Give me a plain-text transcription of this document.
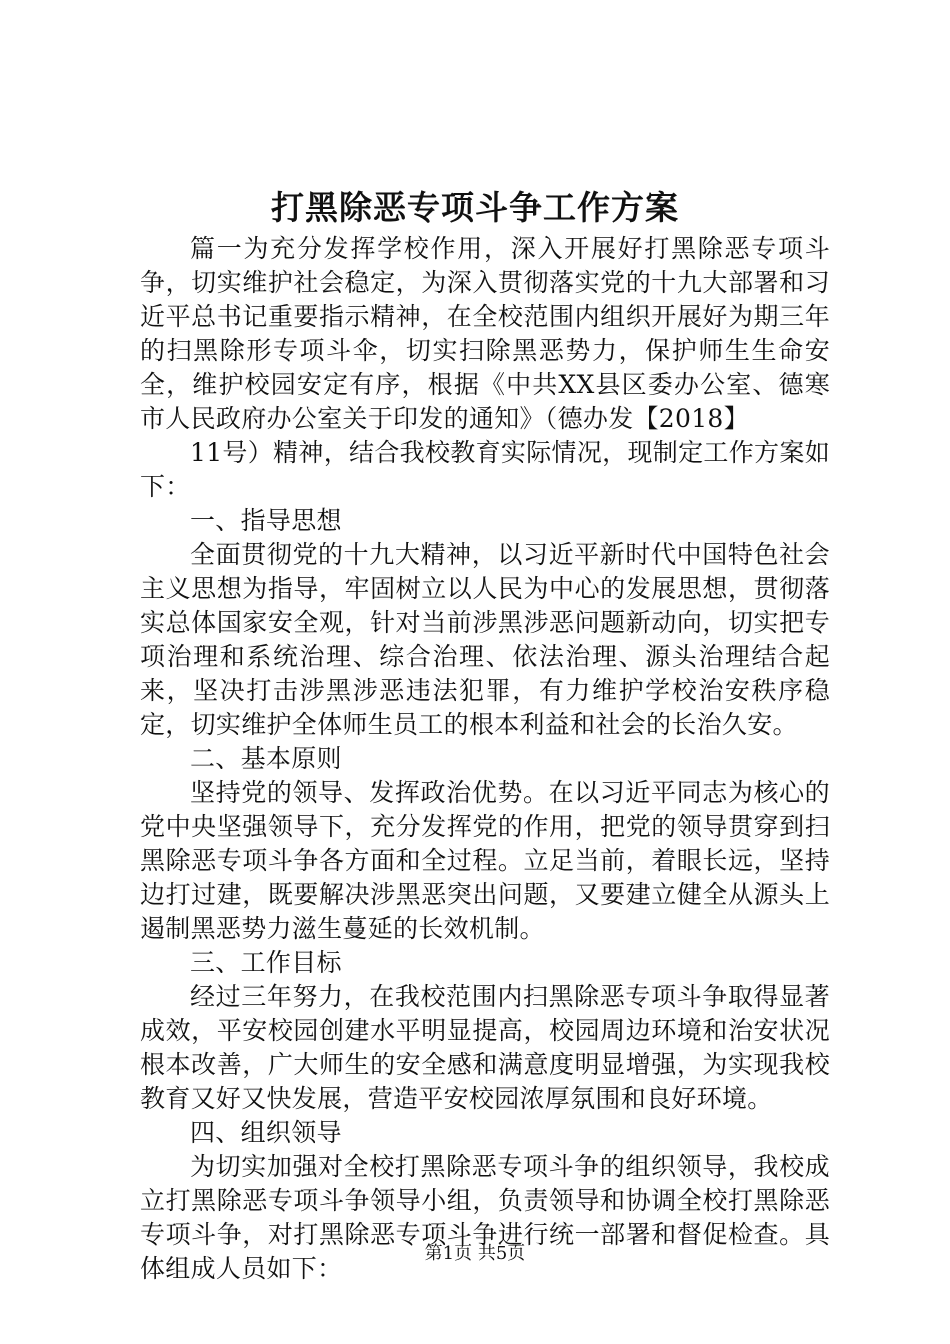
打黑除恶专项斗争工作方案

篇一为充分发挥学校作用，深入开展好打黑除恶专项斗争，切实维护社会稳定，为深入贯彻落实党的十九大部署和习近平总书记重要指示精神，在全校范围内组织开展好为期三年的扫黑除形专项斗伞，切实扫除黑恶势力，保护师生生命安全，维护校园安定有序，根据《中共XX县区委办公室、德寒市人民政府办公室关于印发的通知》（德办发【2018】

11号）精神，结合我校教育实际情况，现制定工作方案如下：

一、指导思想

全面贯彻党的十九大精神，以习近平新时代中国特色社会主义思想为指导，牢固树立以人民为中心的发展思想，贯彻落实总体国家安全观，针对当前涉黑涉恶问题新动向，切实把专项治理和系统治理、综合治理、依法治理、源头治理结合起来，坚决打击涉黑涉恶违法犯罪，有力维护学校治安秩序稳定，切实维护全体师生员工的根本利益和社会的长治久安。

二、基本原则

坚持党的领导、发挥政治优势。在以习近平同志为核心的党中央坚强领导下，充分发挥党的作用，把党的领导贯穿到扫黑除恶专项斗争各方面和全过程。立足当前，着眼长远，坚持边打过建，既要解决涉黑恶突出问题，又要建立健全从源头上遏制黑恶势力滋生蔓延的长效机制。

三、工作目标

经过三年努力，在我校范围内扫黑除恶专项斗争取得显著成效，平安校园创建水平明显提高，校园周边环境和治安状况根本改善，广大师生的安全感和满意度明显增强，为实现我校教育又好又快发展，营造平安校园浓厚氛围和良好环境。

四、组织领导

为切实加强对全校打黑除恶专项斗争的组织领导，我校成立打黑除恶专项斗争领导小组，负责领导和协调全校打黑除恶专项斗争，对打黑除恶专项斗争进行统一部署和督促检查。具体组成人员如下：

第1页 共5页
